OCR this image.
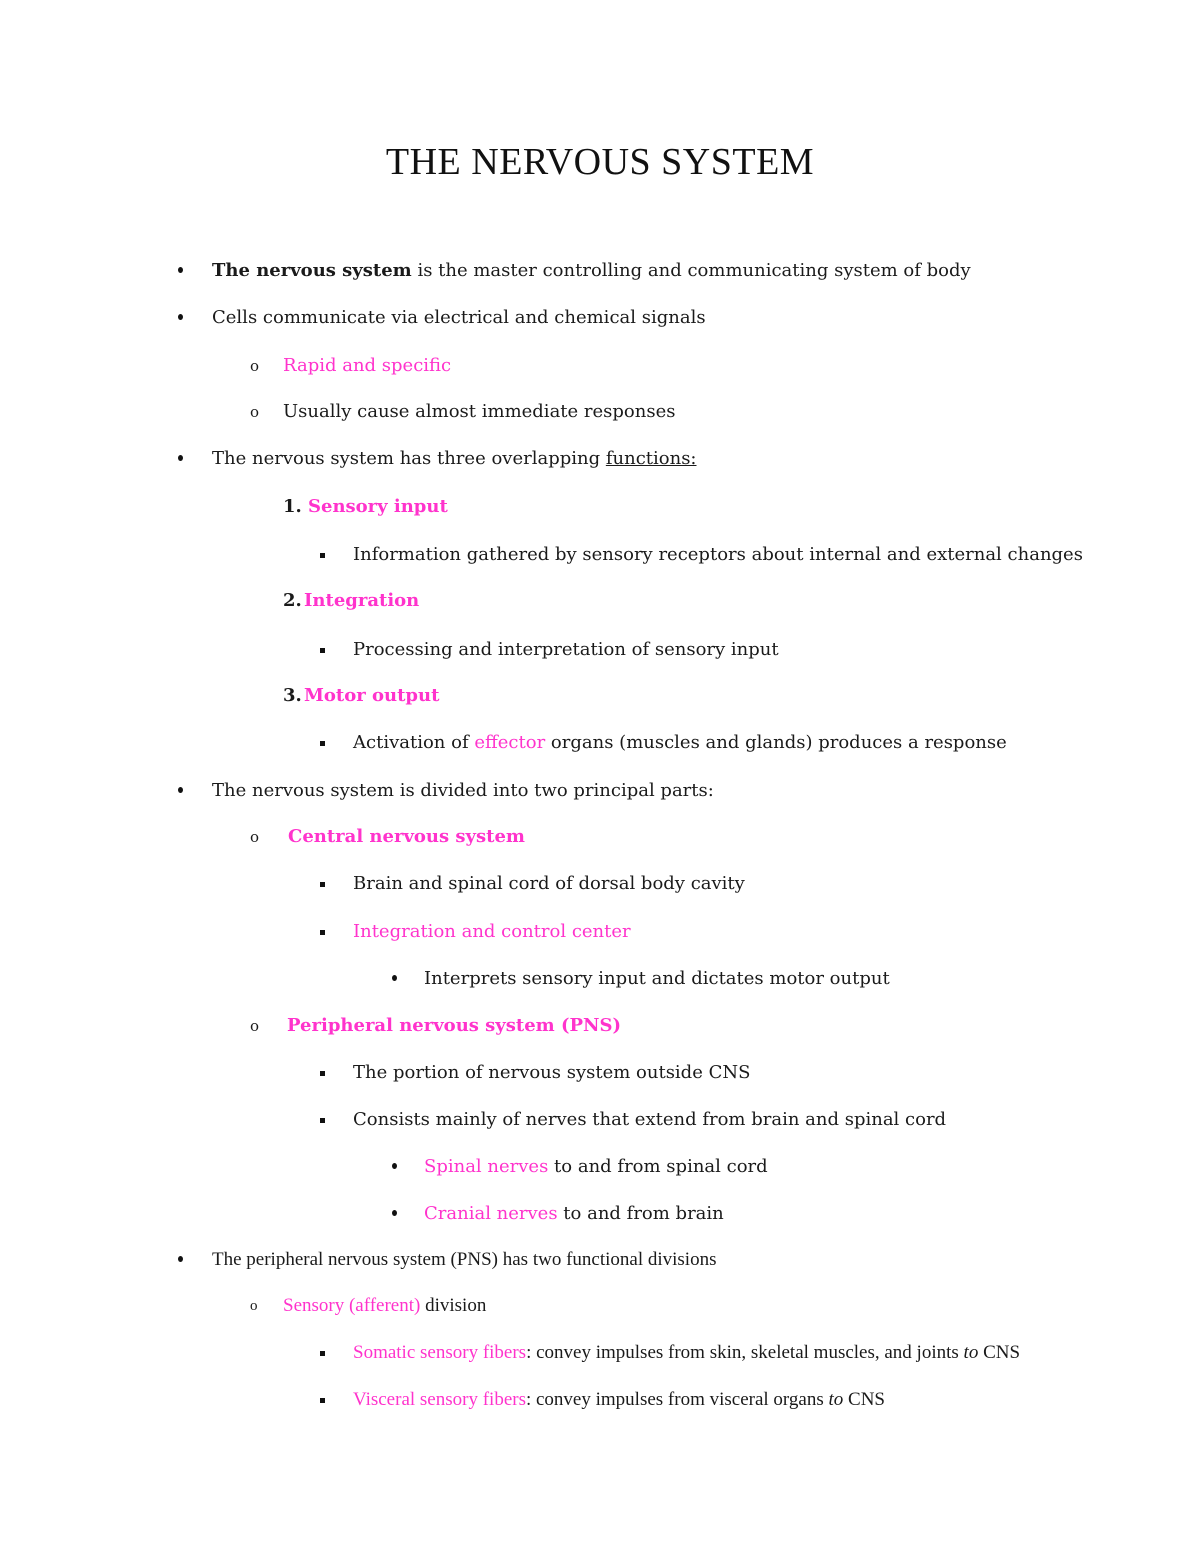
THE NERVOUS SYSTEM
The nervous system is the master controlling and communicating system of body
Cells communicate via electrical and chemical signals
o Rapid and specific
o Usually cause almost immediate responses
The nervous system has three overlapping functions:
1. Sensory input
Information gathered by sensory receptors about internal and external changes
2. Integration
Processing and interpretation of sensory input
3. Motor output
Activation of effector organs (muscles and glands) produces a response
The nervous system is divided into two principal parts:
o Central nervous system
Brain and spinal cord of dorsal body cavity
Integration and control center
Interprets sensory input and dictates motor output
o Peripheral nervous system (PNS)
The portion of nervous system outside CNS
Consists mainly of nerves that extend from brain and spinal cord
Spinal nerves to and from spinal cord
Cranial nerves to and from brain
The peripheral nervous system (PNS) has two functional divisions
o Sensory (afferent) division
Somatic sensory fibers: convey impulses from skin, skeletal muscles, and joints to CNS
Visceral sensory fibers: convey impulses from visceral organs to CNS
